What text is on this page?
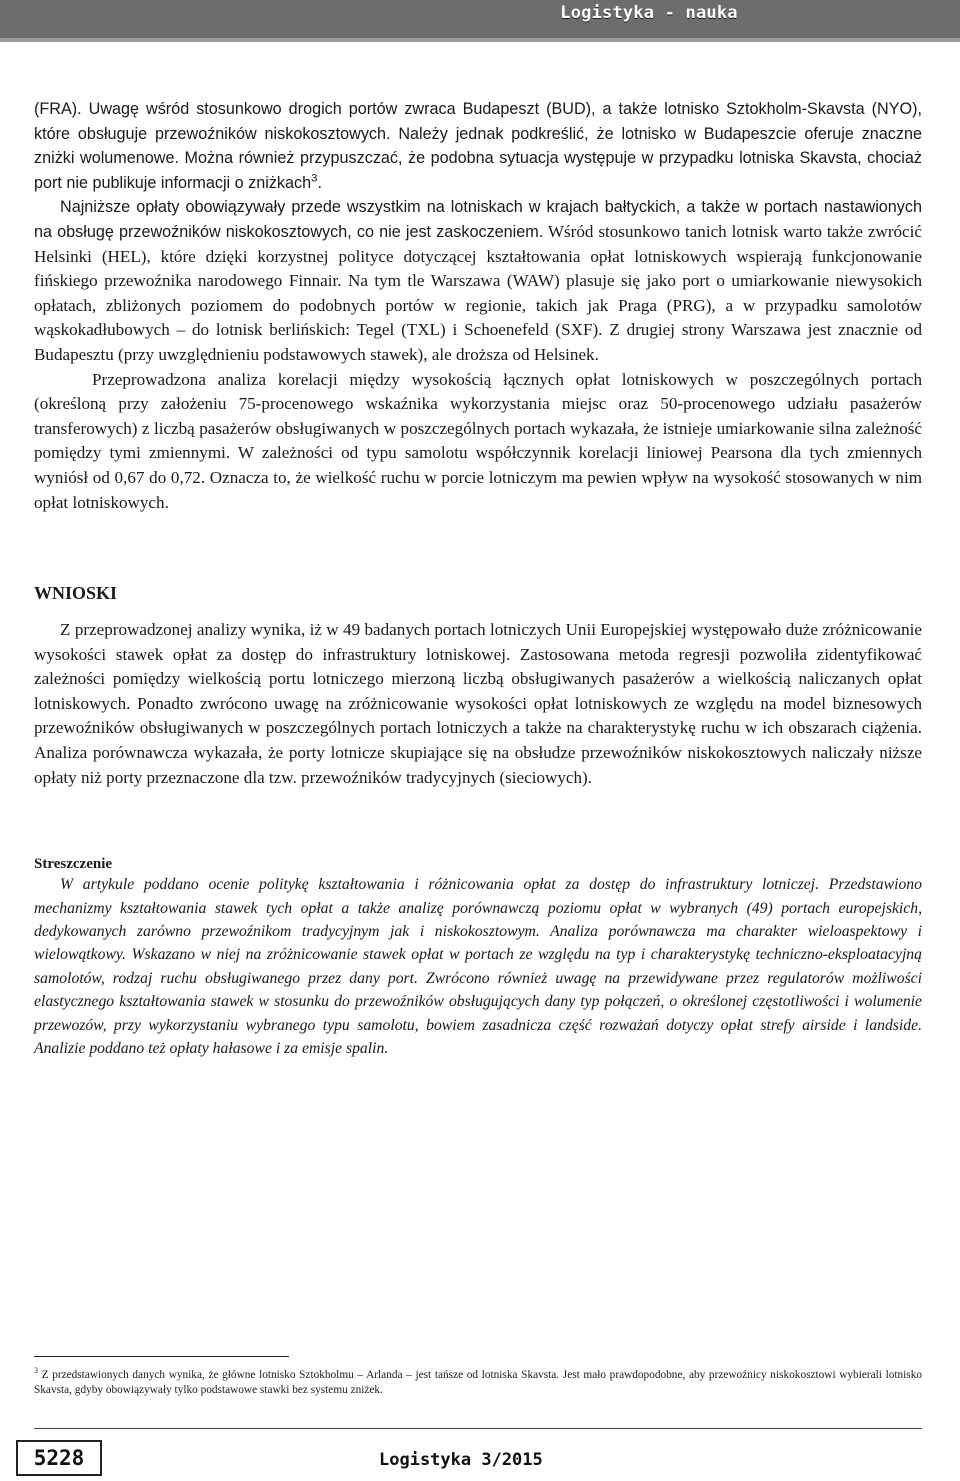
Logistyka - nauka

(FRA). Uwagę wśród stosunkowo drogich portów zwraca Budapeszt (BUD), a także lotnisko Sztokholm-Skavsta (NYO), które obsługuje przewoźników niskokosztowych. Należy jednak podkreślić, że lotnisko w Budapeszcie oferuje znaczne zniżki wolumenowe. Można również przypuszczać, że podobna sytuacja występuje w przypadku lotniska Skavsta, chociaż port nie publikuje informacji o zniżkach$^3$.

Najniższe opłaty obowiązywały przede wszystkim na lotniskach w krajach bałtyckich, a także w portach nastawionych na obsługę przewoźników niskokosztowych, co nie jest zaskoczeniem. Wśród stosunkowo tanich lotnisk warto także zwrócić Helsinki (HEL), które dzięki korzystnej polityce dotyczącej kształtowania opłat lotniskowych wspierają funkcjonowanie fińskiego przewoźnika narodowego Finnair. Na tym tle Warszawa (WAW) plasuje się jako port o umiarkowanie niewysokich opłatach, zbliżonych poziomem do podobnych portów w regionie, takich jak Praga (PRG), a w przypadku samolotów wąskokadłubowych – do lotnisk berlińskich: Tegel (TXL) i Schoenefeld (SXF). Z drugiej strony Warszawa jest znacznie od Budapesztu (przy uwzględnieniu podstawowych stawek), ale droższa od Helsinek.

Przeprowadzona analiza korelacji między wysokością łącznych opłat lotniskowych w poszczególnych portach (określoną przy założeniu 75-procenowego wskaźnika wykorzystania miejsc oraz 50-procenowego udziału pasażerów transferowych) z liczbą pasażerów obsługiwanych w poszczególnych portach wykazała, że istnieje umiarkowanie silna zależność pomiędzy tymi zmiennymi. W zależności od typu samolotu współczynnik korelacji liniowej Pearsona dla tych zmiennych wyniósł od 0,67 do 0,72. Oznacza to, że wielkość ruchu w porcie lotniczym ma pewien wpływ na wysokość stosowanych w nim opłat lotniskowych.

WNIOSKI

Z przeprowadzonej analizy wynika, iż w 49 badanych portach lotniczych Unii Europejskiej występowało duże zróżnicowanie wysokości stawek opłat za dostęp do infrastruktury lotniskowej. Zastosowana metoda regresji pozwoliła zidentyfikować zależności pomiędzy wielkością portu lotniczego mierzoną liczbą obsługiwanych pasażerów a wielkością naliczanych opłat lotniskowych. Ponadto zwrócono uwagę na zróżnicowanie wysokości opłat lotniskowych ze względu na model biznesowych przewoźników obsługiwanych w poszczególnych portach lotniczych a także na charakterystykę ruchu w ich obszarach ciążenia. Analiza porównawcza wykazała, że porty lotnicze skupiające się na obsłudze przewoźników niskokosztowych naliczały niższe opłaty niż porty przeznaczone dla tzw. przewoźników tradycyjnych (sieciowych).

Streszczenie

W artykule poddano ocenie politykę kształtowania i różnicowania opłat za dostęp do infrastruktury lotniczej. Przedstawiono mechanizmy kształtowania stawek tych opłat a także analizę porównawczą poziomu opłat w wybranych (49) portach europejskich, dedykowanych zarówno przewoźnikom tradycyjnym jak i niskokosztowym. Analiza porównawcza ma charakter wieloaspektowy i wielowątkowy. Wskazano w niej na zróżnicowanie stawek opłat w portach ze względu na typ i charakterystykę techniczno-eksploatacyjną samolotów, rodzaj ruchu obsługiwanego przez dany port. Zwrócono również uwagę na przewidywane przez regulatorów możliwości elastycznego kształtowania stawek w stosunku do przewoźników obsługujących dany typ połączeń, o określonej częstotliwości i wolumenie przewozów, przy wykorzystaniu wybranego typu samolotu, bowiem zasadnicza część rozważań dotyczy opłat strefy airside i landside. Analizie poddano też opłaty hałasowe i za emisje spalin.

$^3$ Z przedstawionych danych wynika, że główne lotnisko Sztokholmu – Arlanda – jest tańsze od lotniska Skavsta. Jest mało prawdopodobne, aby przewoźnicy niskokosztowi wybierali lotnisko Skavsta, gdyby obowiązywały tylko podstawowe stawki bez systemu zniżek.
5228	Logistyka 3/2015
